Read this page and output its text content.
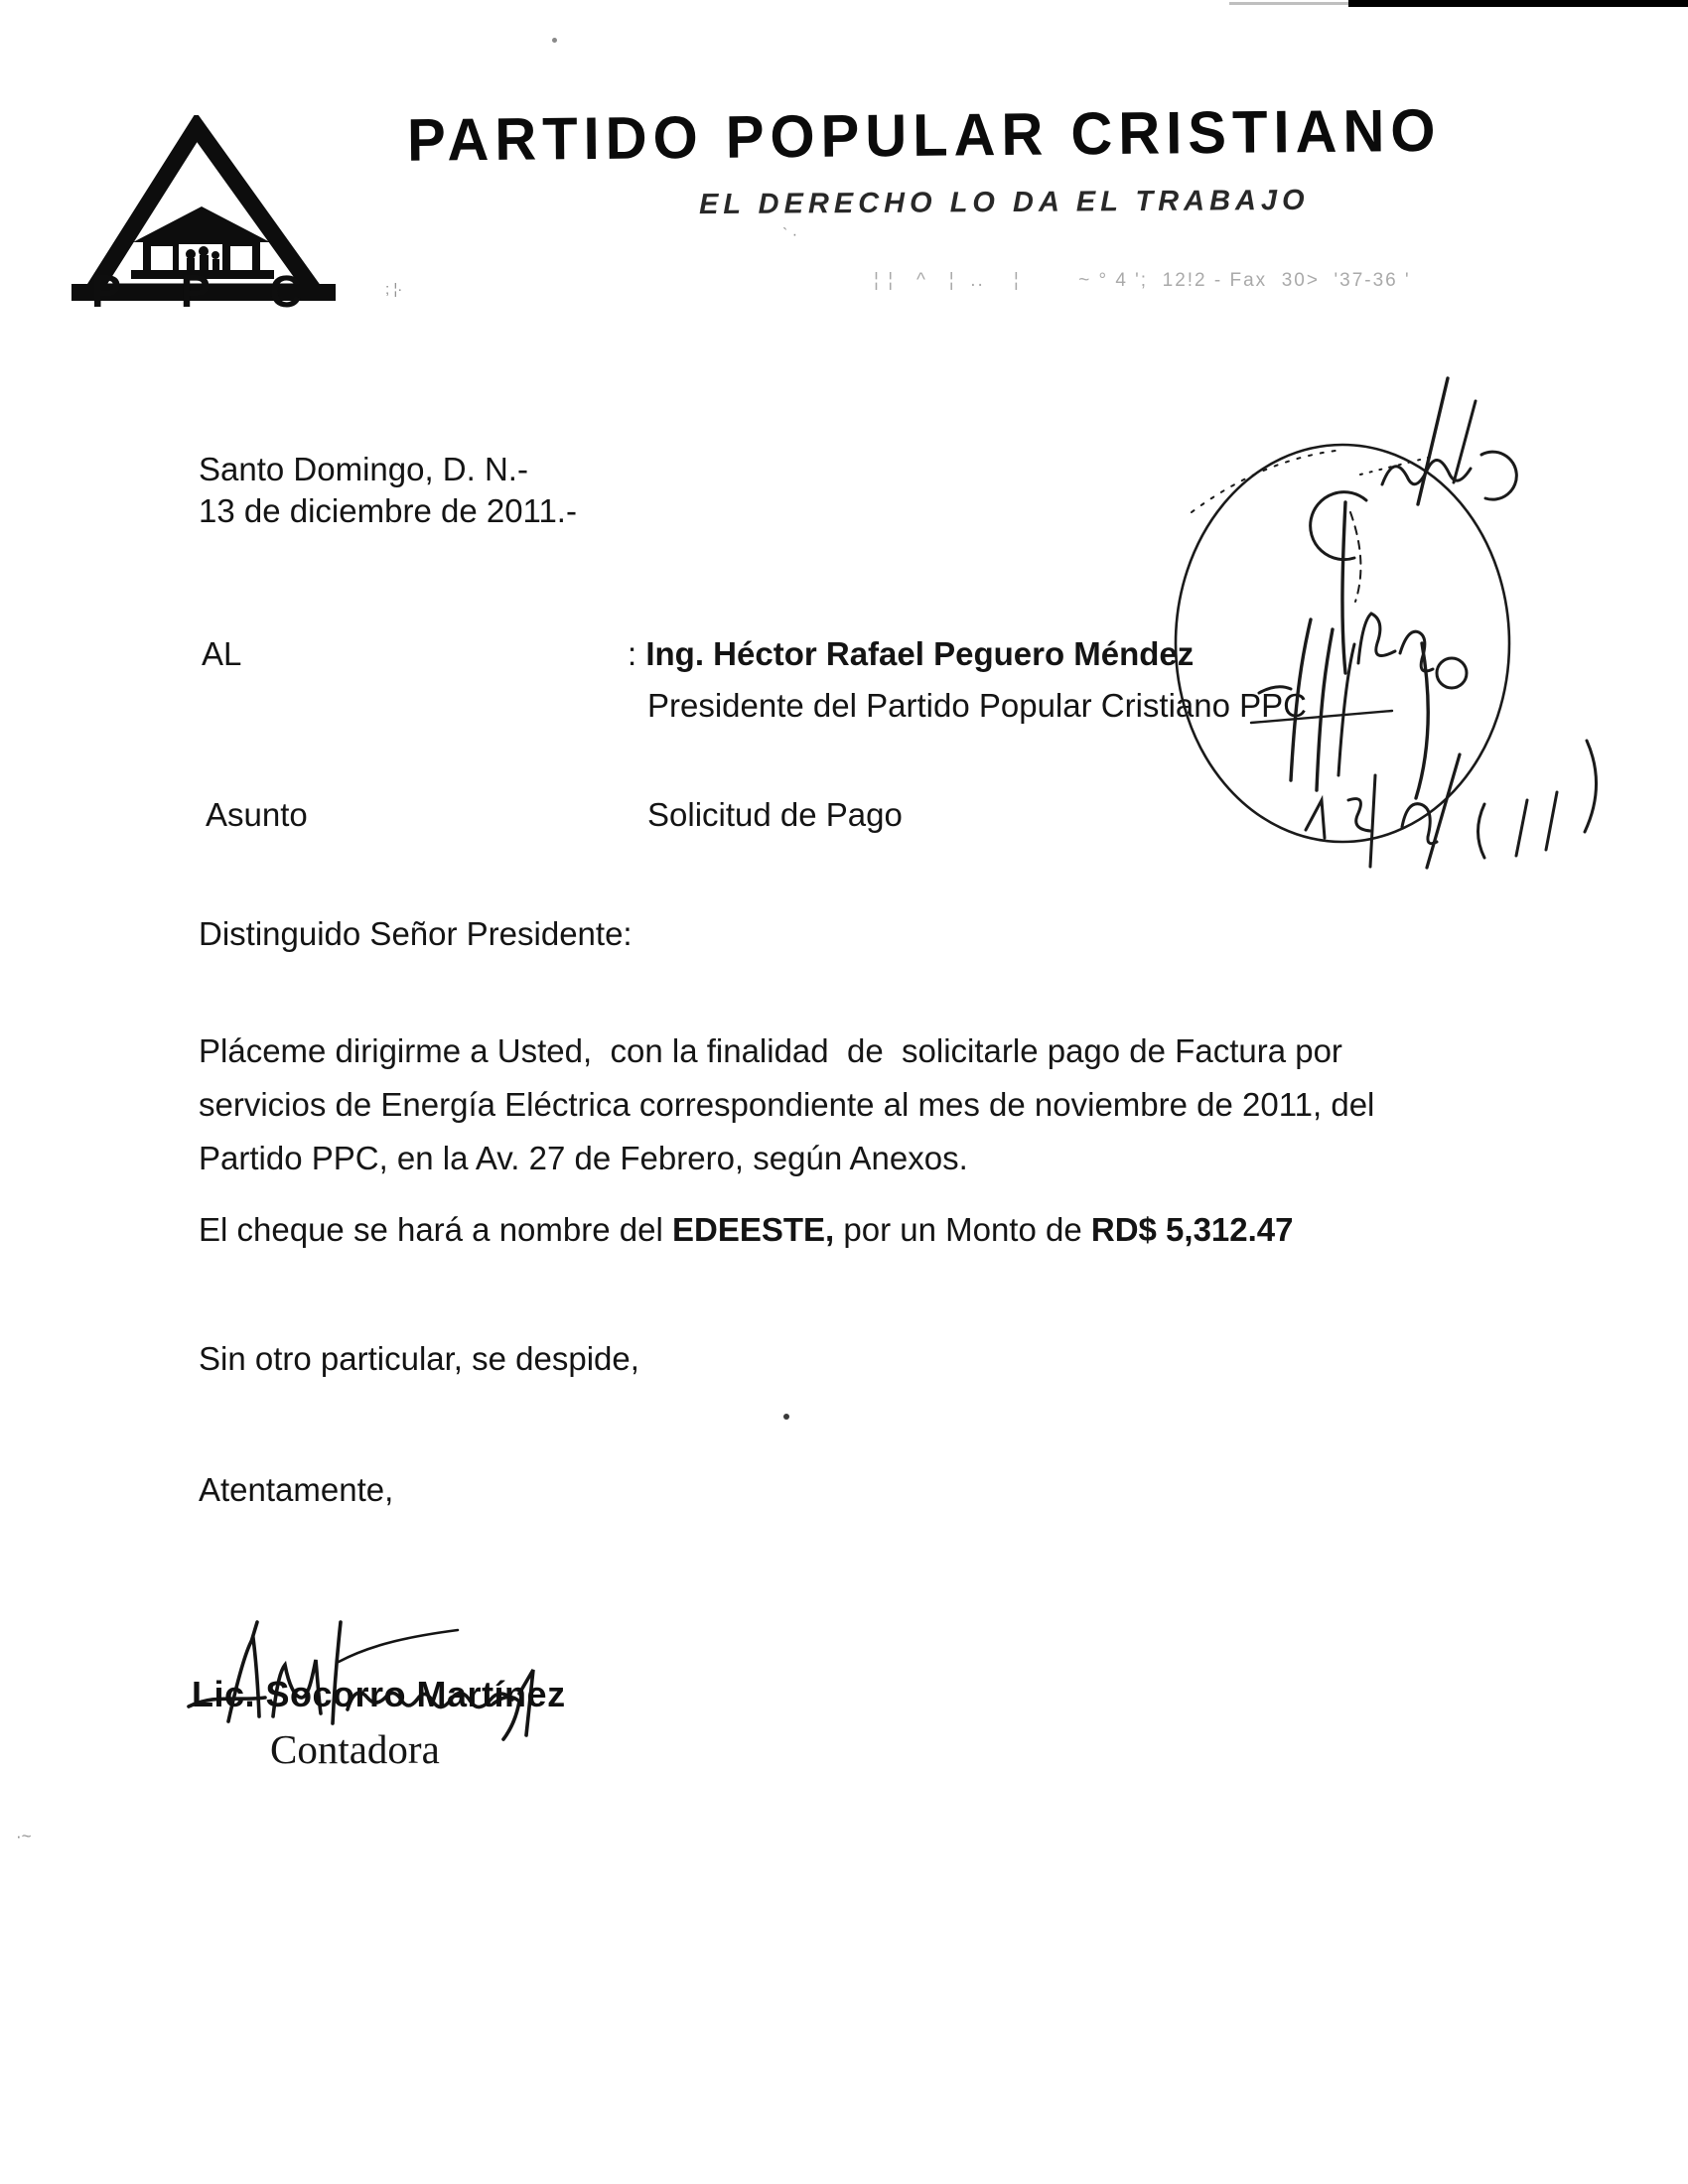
P P C
PARTIDO POPULAR CRISTIANO
EL DERECHO LO DA EL TRABAJO
` ·
; ¦·	¦ ¦   ^   ¦  ..    ¦        ~ ° 4 ';  12!2 - Fax  30>  '37-36 '
Santo Domingo, D. N.-
13 de diciembre de 2011.-
AL	: Ing. Héctor Rafael Peguero Méndez
Presidente del Partido Popular Cristiano PPC
Asunto	Solicitud de Pago
Distinguido Señor Presidente:
Pláceme dirigirme a Usted,  con la finalidad  de  solicitarle pago de Factura por
servicios de Energía Eléctrica correspondiente al mes de noviembre de 2011, del
Partido PPC, en la Av. 27 de Febrero, según Anexos.
El cheque se hará a nombre del EDEESTE, por un Monto de RD$ 5,312.47
Sin otro particular, se despide,
Atentamente,

Lic. Socorro Martínez
Contadora

·~
